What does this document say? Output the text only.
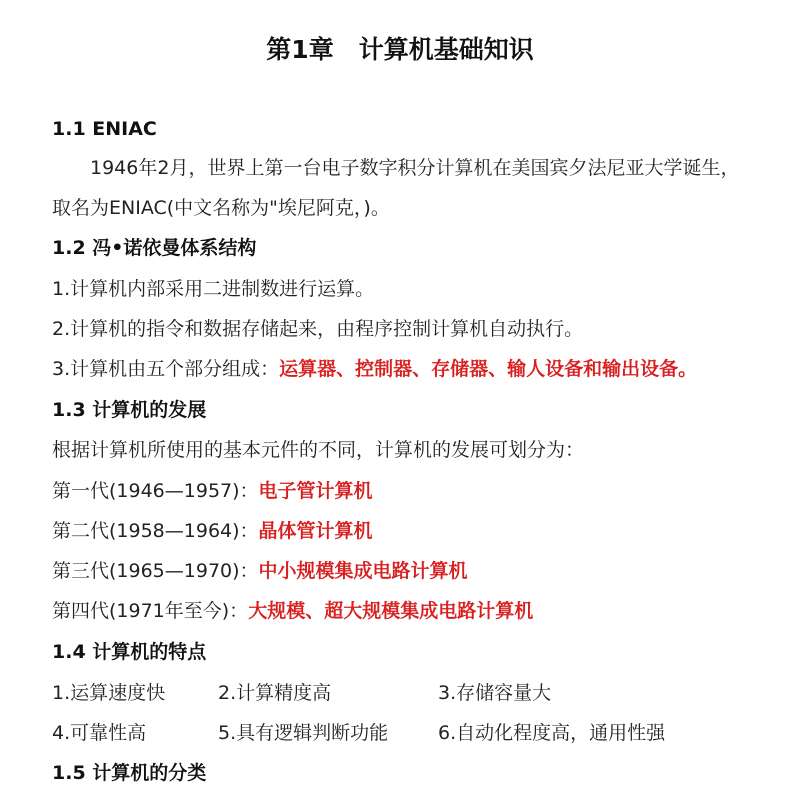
第1章　计算机基础知识
1.1 ENIAC
1946年2月，世界上第一台电子数字积分计算机在美国宾夕法尼亚大学诞生，
取名为ENIAC(中文名称为"埃尼阿克，)。
1.2 冯•诺依曼体系结构
1.计算机内部采用二进制数进行运算。
2.计算机的指令和数据存储起来，由程序控制计算机自动执行。
3.计算机由五个部分组成：运算器、控制器、存储器、输人设备和输出设备。
1.3 计算机的发展
根据计算机所使用的基本元件的不同，计算机的发展可划分为：
第一代(1946—1957)：电子管计算机
第二代(1958—1964)：晶体管计算机
第三代(1965—1970)：中小规模集成电路计算机
第四代(1971年至今)：大规模、超大规模集成电路计算机
1.4 计算机的特点
1.运算速度快	2.计算精度高	3.存储容量大
4.可靠性高	5.具有逻辑判断功能	6.自动化程度高，通用性强
1.5 计算机的分类
